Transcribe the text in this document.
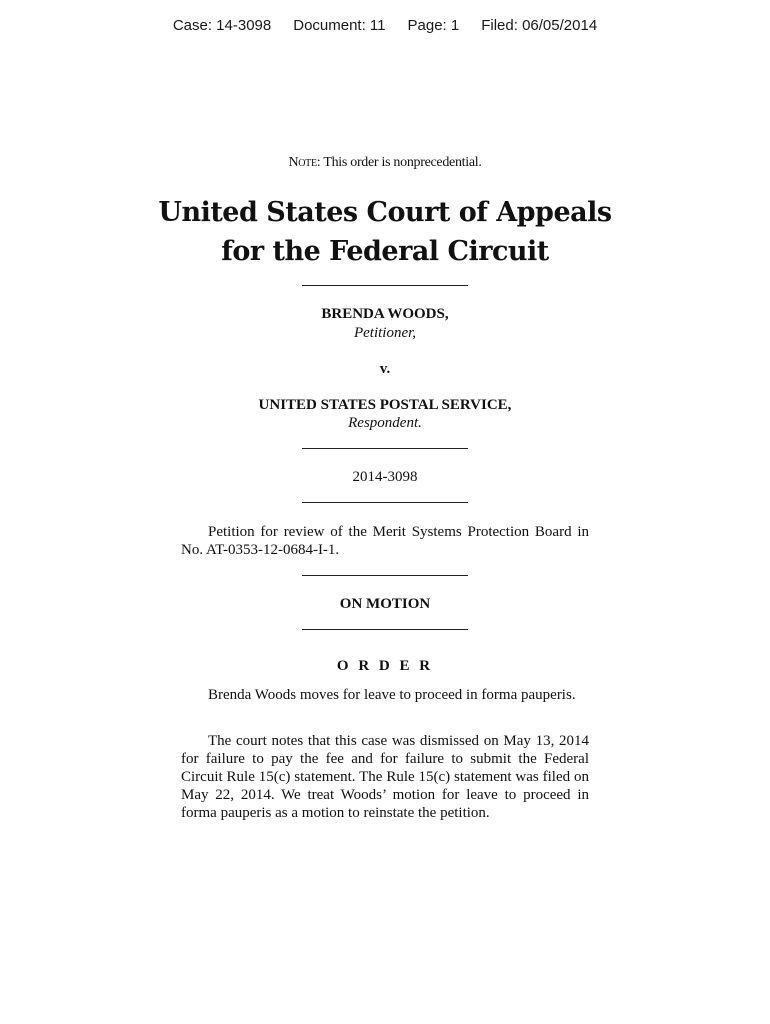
Case: 14-3098 Document: 11 Page: 1 Filed: 06/05/2014
Note: This order is nonprecedential.
United States Court of Appeals
for the Federal Circuit
BRENDA WOODS,
Petitioner,
v.
UNITED STATES POSTAL SERVICE,
Respondent.
2014-3098
Petition for review of the Merit Systems Protection Board in No. AT-0353-12-0684-I-1.
ON MOTION
O R D E R
Brenda Woods moves for leave to proceed in forma pauperis.
The court notes that this case was dismissed on May 13, 2014 for failure to pay the fee and for failure to submit the Federal Circuit Rule 15(c) statement. The Rule 15(c) statement was filed on May 22, 2014. We treat Woods’ motion for leave to proceed in forma pauperis as a motion to reinstate the petition.
